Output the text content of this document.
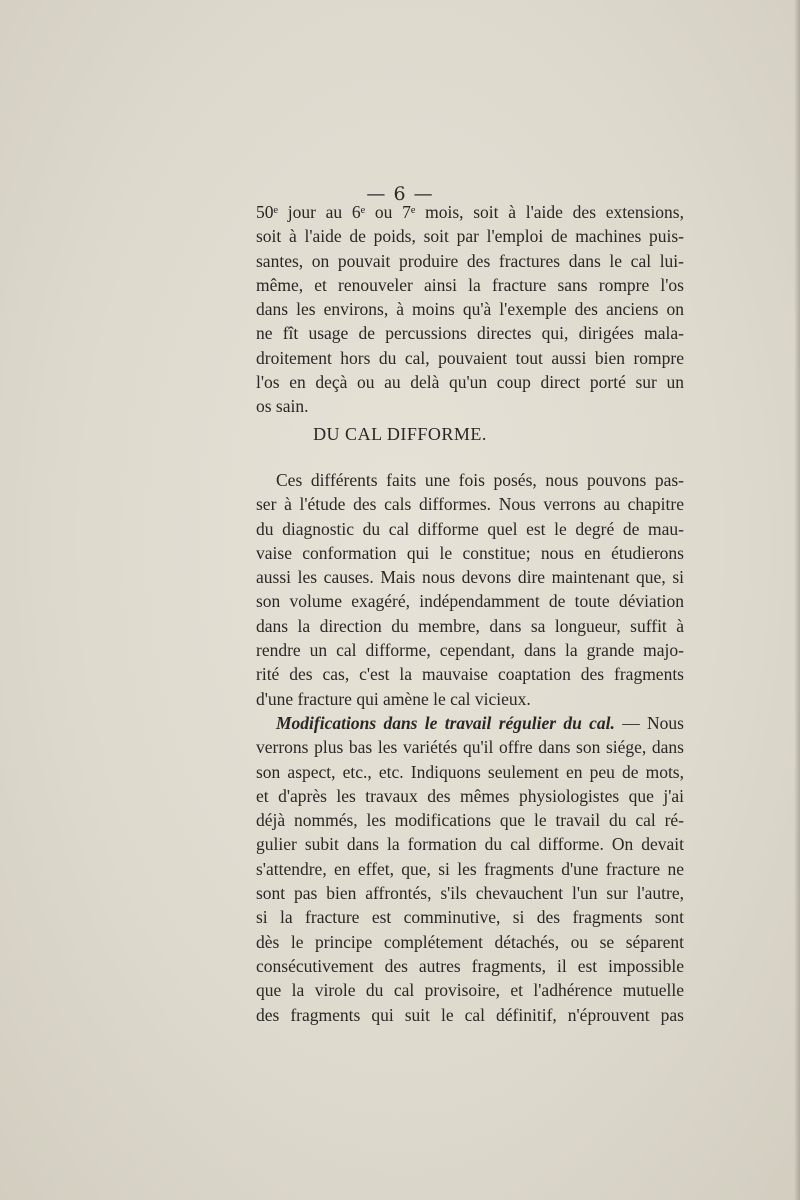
— 6 —
50ᵉ jour au 6ᵉ ou 7ᵉ mois, soit à l'aide des extensions,
soit à l'aide de poids, soit par l'emploi de machines puis-
santes, on pouvait produire des fractures dans le cal lui-
même, et renouveler ainsi la fracture sans rompre l'os
dans les environs, à moins qu'à l'exemple des anciens on
ne fît usage de percussions directes qui, dirigées mala-
droitement hors du cal, pouvaient tout aussi bien rompre
l'os en deçà ou au delà qu'un coup direct porté sur un
os sain.
DU CAL DIFFORME.
Ces différents faits une fois posés, nous pouvons pas-
ser à l'étude des cals difformes. Nous verrons au chapitre
du diagnostic du cal difforme quel est le degré de mau-
vaise conformation qui le constitue; nous en étudierons
aussi les causes. Mais nous devons dire maintenant que, si
son volume exagéré, indépendamment de toute déviation
dans la direction du membre, dans sa longueur, suffit à
rendre un cal difforme, cependant, dans la grande majo-
rité des cas, c'est la mauvaise coaptation des fragments
d'une fracture qui amène le cal vicieux.
Modifications dans le travail régulier du cal. — Nous
verrons plus bas les variétés qu'il offre dans son siége, dans
son aspect, etc., etc. Indiquons seulement en peu de mots,
et d'après les travaux des mêmes physiologistes que j'ai
déjà nommés, les modifications que le travail du cal ré-
gulier subit dans la formation du cal difforme. On devait
s'attendre, en effet, que, si les fragments d'une fracture ne
sont pas bien affrontés, s'ils chevauchent l'un sur l'autre,
si la fracture est comminutive, si des fragments sont
dès le principe complétement détachés, ou se séparent
consécutivement des autres fragments, il est impossible
que la virole du cal provisoire, et l'adhérence mutuelle
des fragments qui suit le cal définitif, n'éprouvent pas
